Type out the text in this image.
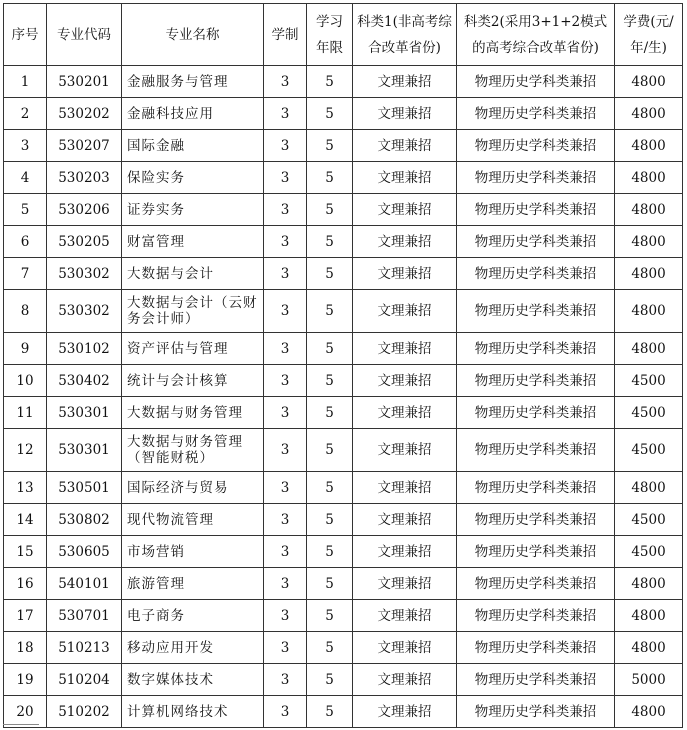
序号	专业代码	专业名称	学制	学习年限	科类1(非高考综合改革省份)	科类2(采用3+1+2模式的高考综合改革省份)	学费(元/年/生)
1	530201	金融服务与管理	3	5	文理兼招	物理历史学科类兼招	4800
2	530202	金融科技应用	3	5	文理兼招	物理历史学科类兼招	4800
3	530207	国际金融	3	5	文理兼招	物理历史学科类兼招	4800
4	530203	保险实务	3	5	文理兼招	物理历史学科类兼招	4800
5	530206	证券实务	3	5	文理兼招	物理历史学科类兼招	4800
6	530205	财富管理	3	5	文理兼招	物理历史学科类兼招	4800
7	530302	大数据与会计	3	5	文理兼招	物理历史学科类兼招	4800
8	530302	大数据与会计（云财务会计师）	3	5	文理兼招	物理历史学科类兼招	4800
9	530102	资产评估与管理	3	5	文理兼招	物理历史学科类兼招	4800
10	530402	统计与会计核算	3	5	文理兼招	物理历史学科类兼招	4500
11	530301	大数据与财务管理	3	5	文理兼招	物理历史学科类兼招	4500
12	530301	大数据与财务管理（智能财税）	3	5	文理兼招	物理历史学科类兼招	4500
13	530501	国际经济与贸易	3	5	文理兼招	物理历史学科类兼招	4800
14	530802	现代物流管理	3	5	文理兼招	物理历史学科类兼招	4500
15	530605	市场营销	3	5	文理兼招	物理历史学科类兼招	4500
16	540101	旅游管理	3	5	文理兼招	物理历史学科类兼招	4800
17	530701	电子商务	3	5	文理兼招	物理历史学科类兼招	4800
18	510213	移动应用开发	3	5	文理兼招	物理历史学科类兼招	4800
19	510204	数字媒体技术	3	5	文理兼招	物理历史学科类兼招	5000
20	510202	计算机网络技术	3	5	文理兼招	物理历史学科类兼招	4800
